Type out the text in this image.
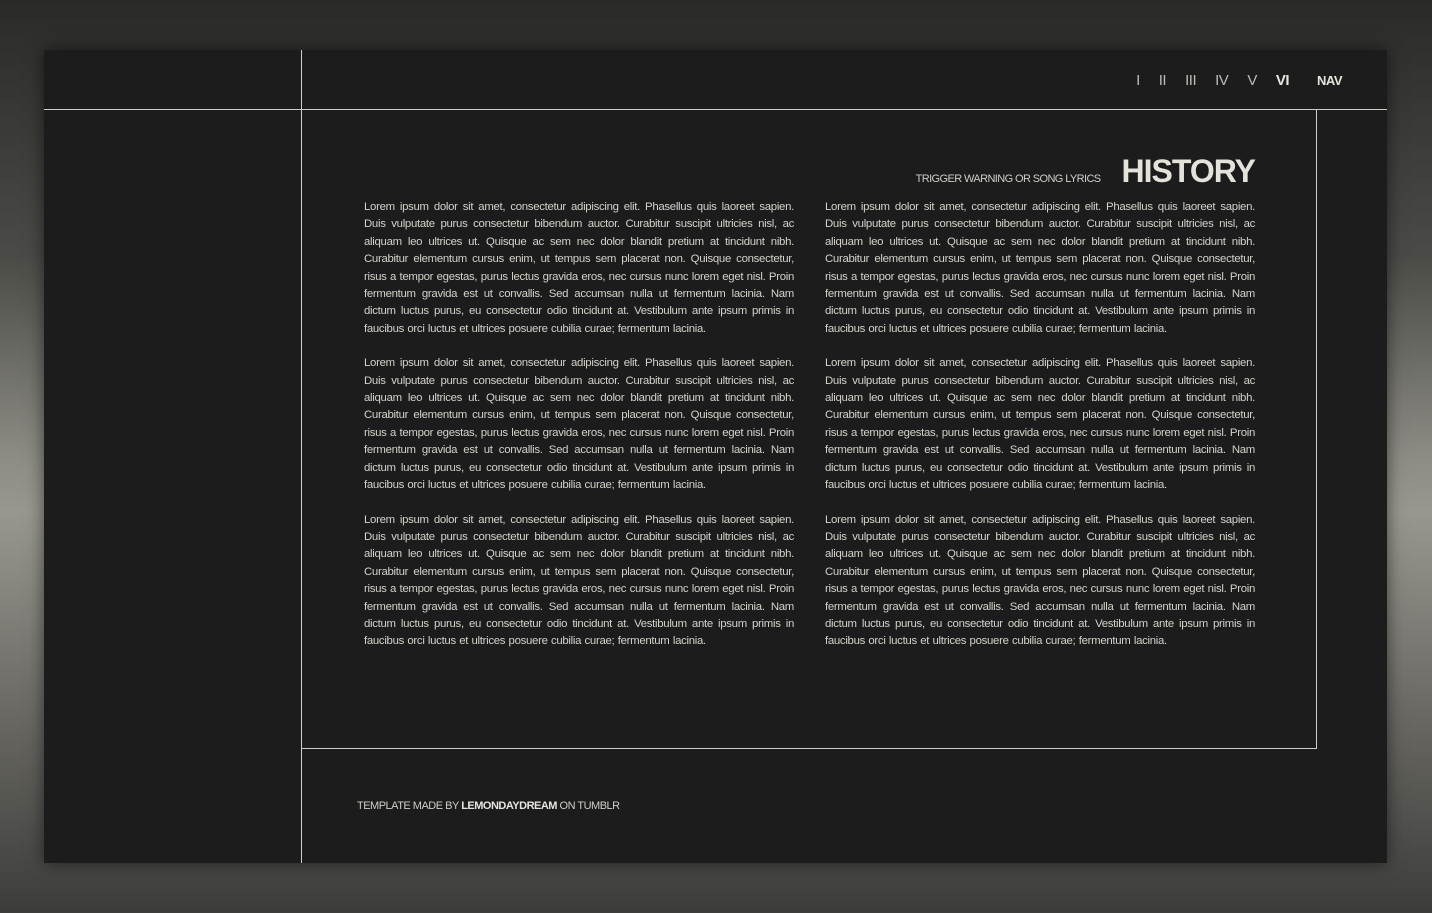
I II III IV V VI NAV
TRIGGER WARNING OR SONG LYRICS HISTORY

Lorem ipsum dolor sit amet, consectetur adipiscing elit. Phasellus quis laoreet sapien. Duis vulputate purus consectetur bibendum auctor. Curabitur suscipit ultricies nisl, ac aliquam leo ultrices ut. Quisque ac sem nec dolor blandit pretium at tincidunt nibh. Curabitur elementum cursus enim, ut tempus sem placerat non. Quisque consectetur, risus a tempor egestas, purus lectus gravida eros, nec cursus nunc lorem eget nisl. Proin fermentum gravida est ut convallis. Sed accumsan nulla ut fermentum lacinia. Nam dictum luctus purus, eu consectetur odio tincidunt at. Vestibulum ante ipsum primis in faucibus orci luctus et ultrices posuere cubilia curae; fermentum lacinia.

Lorem ipsum dolor sit amet, consectetur adipiscing elit. Phasellus quis laoreet sapien. Duis vulputate purus consectetur bibendum auctor. Curabitur suscipit ultricies nisl, ac aliquam leo ultrices ut. Quisque ac sem nec dolor blandit pretium at tincidunt nibh. Curabitur elementum cursus enim, ut tempus sem placerat non. Quisque consectetur, risus a tempor egestas, purus lectus gravida eros, nec cursus nunc lorem eget nisl. Proin fermentum gravida est ut convallis. Sed accumsan nulla ut fermentum lacinia. Nam dictum luctus purus, eu consectetur odio tincidunt at. Vestibulum ante ipsum primis in faucibus orci luctus et ultrices posuere cubilia curae; fermentum lacinia.

Lorem ipsum dolor sit amet, consectetur adipiscing elit. Phasellus quis laoreet sapien. Duis vulputate purus consectetur bibendum auctor. Curabitur suscipit ultricies nisl, ac aliquam leo ultrices ut. Quisque ac sem nec dolor blandit pretium at tincidunt nibh. Curabitur elementum cursus enim, ut tempus sem placerat non. Quisque consectetur, risus a tempor egestas, purus lectus gravida eros, nec cursus nunc lorem eget nisl. Proin fermentum gravida est ut convallis. Sed accumsan nulla ut fermentum lacinia. Nam dictum luctus purus, eu consectetur odio tincidunt at. Vestibulum ante ipsum primis in faucibus orci luctus et ultrices posuere cubilia curae; fermentum lacinia.

Lorem ipsum dolor sit amet, consectetur adipiscing elit. Phasellus quis laoreet sapien. Duis vulputate purus consectetur bibendum auctor. Curabitur suscipit ultricies nisl, ac aliquam leo ultrices ut. Quisque ac sem nec dolor blandit pretium at tincidunt nibh. Curabitur elementum cursus enim, ut tempus sem placerat non. Quisque consectetur, risus a tempor egestas, purus lectus gravida eros, nec cursus nunc lorem eget nisl. Proin fermentum gravida est ut convallis. Sed accumsan nulla ut fermentum lacinia. Nam dictum luctus purus, eu consectetur odio tincidunt at. Vestibulum ante ipsum primis in faucibus orci luctus et ultrices posuere cubilia curae; fermentum lacinia.

Lorem ipsum dolor sit amet, consectetur adipiscing elit. Phasellus quis laoreet sapien. Duis vulputate purus consectetur bibendum auctor. Curabitur suscipit ultricies nisl, ac aliquam leo ultrices ut. Quisque ac sem nec dolor blandit pretium at tincidunt nibh. Curabitur elementum cursus enim, ut tempus sem placerat non. Quisque consectetur, risus a tempor egestas, purus lectus gravida eros, nec cursus nunc lorem eget nisl. Proin fermentum gravida est ut convallis. Sed accumsan nulla ut fermentum lacinia. Nam dictum luctus purus, eu consectetur odio tincidunt at. Vestibulum ante ipsum primis in faucibus orci luctus et ultrices posuere cubilia curae; fermentum lacinia.

Lorem ipsum dolor sit amet, consectetur adipiscing elit. Phasellus quis laoreet sapien. Duis vulputate purus consectetur bibendum auctor. Curabitur suscipit ultricies nisl, ac aliquam leo ultrices ut. Quisque ac sem nec dolor blandit pretium at tincidunt nibh. Curabitur elementum cursus enim, ut tempus sem placerat non. Quisque consectetur, risus a tempor egestas, purus lectus gravida eros, nec cursus nunc lorem eget nisl. Proin fermentum gravida est ut convallis. Sed accumsan nulla ut fermentum lacinia. Nam dictum luctus purus, eu consectetur odio tincidunt at. Vestibulum ante ipsum primis in faucibus orci luctus et ultrices posuere cubilia curae; fermentum lacinia.

TEMPLATE MADE BY LEMONDAYDREAM ON TUMBLR
